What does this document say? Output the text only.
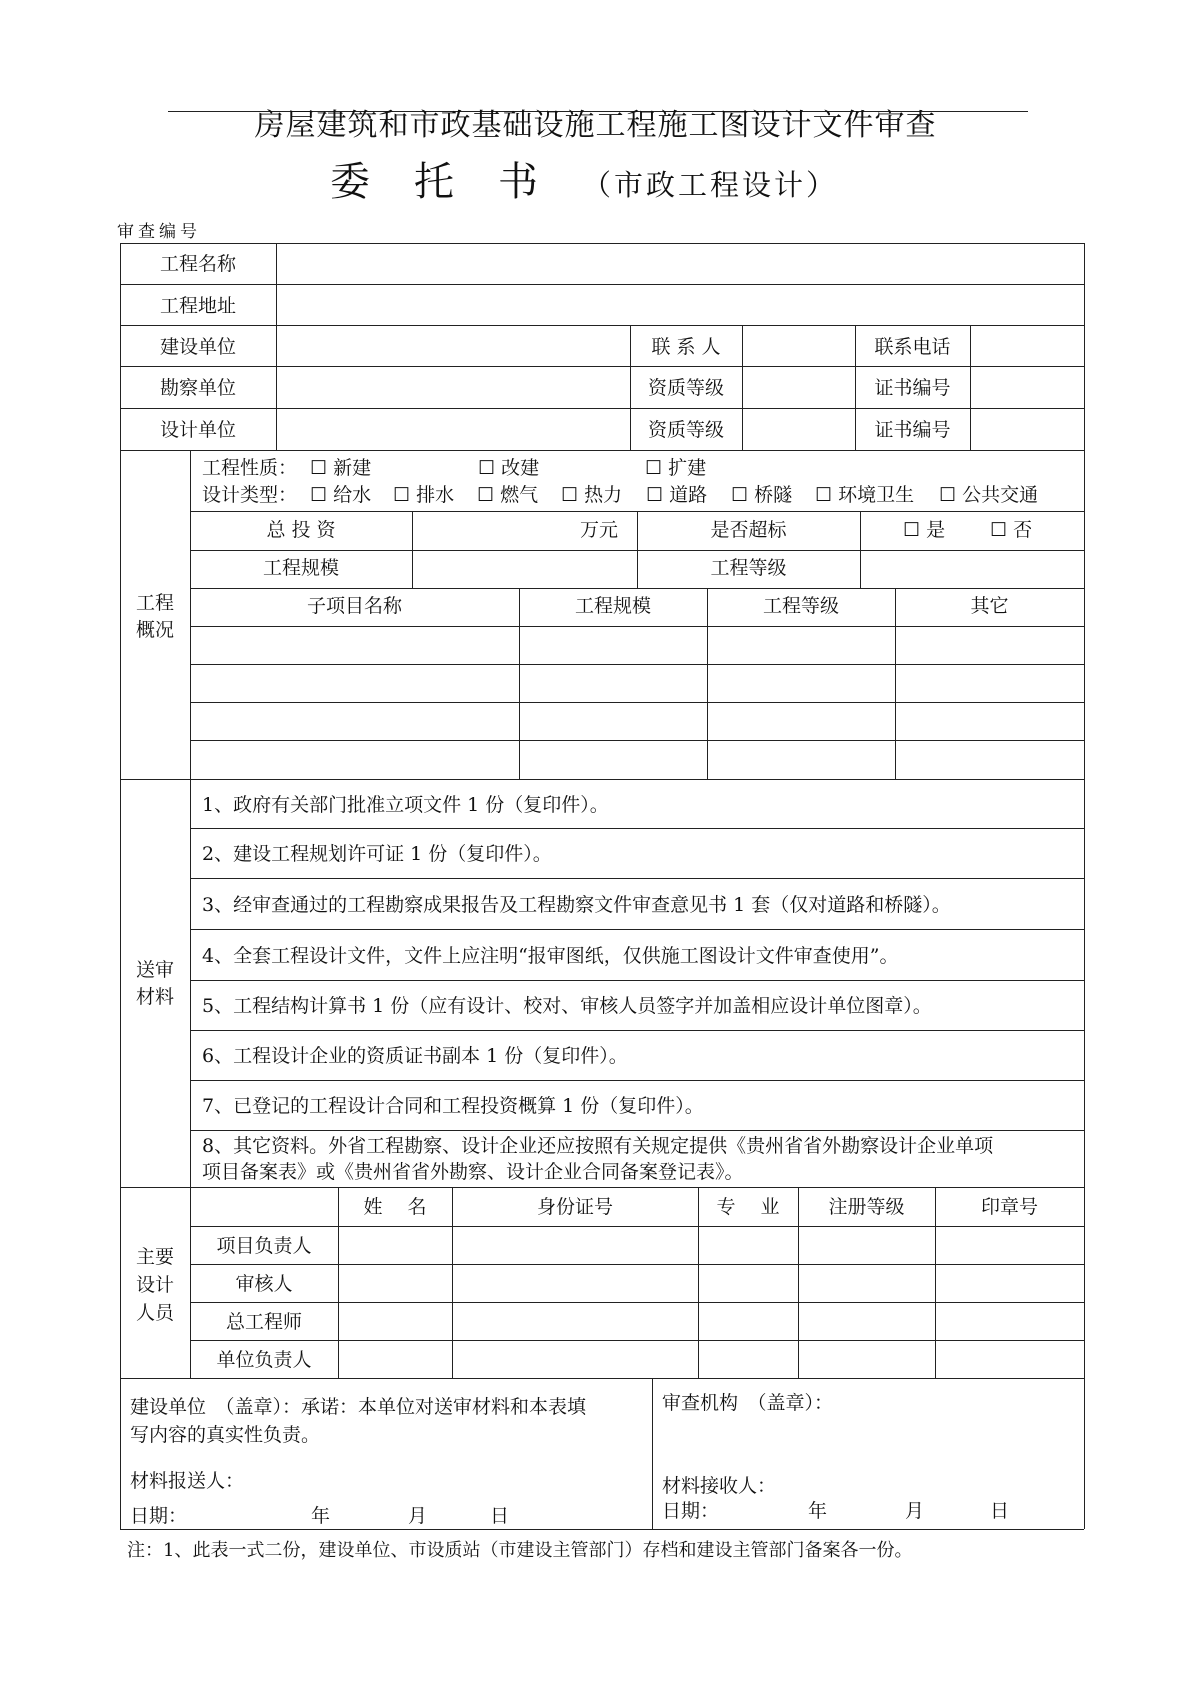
房屋建筑和市政基础设施工程施工图设计文件审查
委托书（市政工程设计）
审查编号
工程名称
工程地址
建设单位	联 系 人	联系电话
勘察单位	资质等级	证书编号
设计单位	资质等级	证书编号
工程概况
工程性质： ☐ 新建	☐ 改建	☐ 扩建
设计类型： ☐ 给水 ☐ 排水 ☐ 燃气 ☐ 热力 ☐ 道路 ☐ 桥隧 ☐ 环境卫生 ☐ 公共交通
总 投 资	万元	是否超标	☐ 是 ☐ 否
工程规模	工程等级
子项目名称	工程规模	工程等级	其它
送审材料
1、政府有关部门批准立项文件 1 份（复印件）。
2、建设工程规划许可证 1 份（复印件）。
3、经审查通过的工程勘察成果报告及工程勘察文件审查意见书 1 套（仅对道路和桥隧）。
4、全套工程设计文件，文件上应注明“报审图纸，仅供施工图设计文件审查使用”。
5、工程结构计算书 1 份（应有设计、校对、审核人员签字并加盖相应设计单位图章）。
6、工程设计企业的资质证书副本 1 份（复印件）。
7、已登记的工程设计合同和工程投资概算 1 份（复印件）。
8、其它资料。外省工程勘察、设计企业还应按照有关规定提供《贵州省省外勘察设计企业单项
项目备案表》或《贵州省省外勘察、设计企业合同备案登记表》。
主要设计人员
姓　 名	身份证号	专　 业	注册等级	印章号
项目负责人
审核人
总工程师
单位负责人
建设单位　（盖章）：承诺：本单位对送审材料和本表填
写内容的真实性负责。
材料报送人：
日期：	年	月	日
审查机构　（盖章）：
材料接收人：
日期：	年	月	日
注：1、此表一式二份，建设单位、市设质站（市建设主管部门）存档和建设主管部门备案各一份。
